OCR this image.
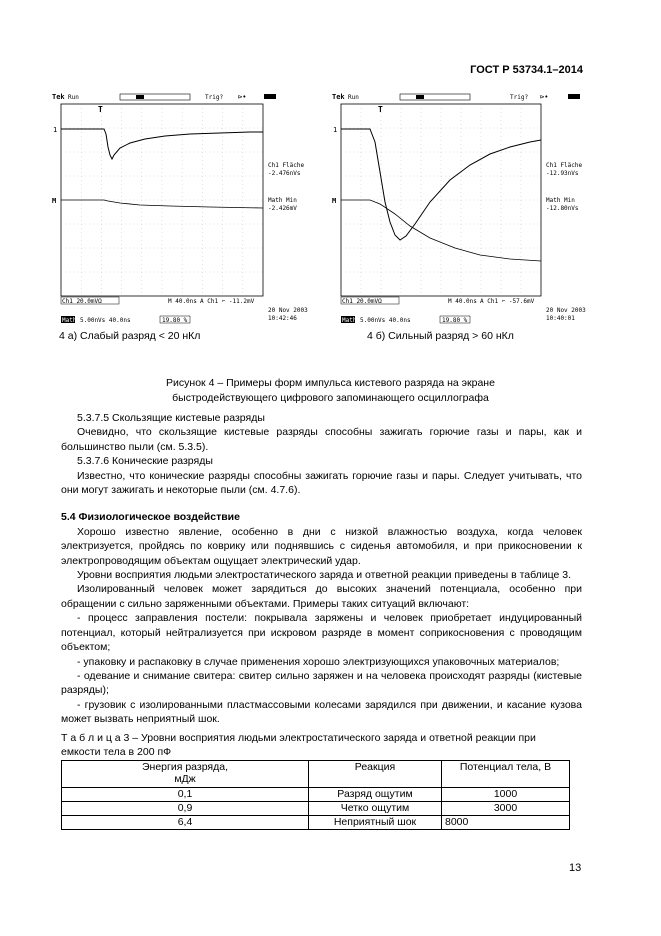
ГОСТ Р 53734.1–2014
Tek Run	Trig? ⊳•
T
1
M
Ch1 Fläche
-2.476nVs
Math Min
-2.426mV
Ch1 20.0mVΩ	M 40.0ns A Ch1 ⌐ -11.2mV
Math 5.00nVs 40.0ns	19.80 %
20 Nov 2003
10:42:46
Tek Run	Trig? ⊳•
T
1
M
Ch1 Fläche
-12.93nVs
Math Min
-12.80nVs
Ch1 20.0mVΩ	M 40.0ns A Ch1 ⌐ -57.6mV
Math 5.00nVs 40.0ns	19.80 %
20 Nov 2003
10:40:01
4 а) Слабый разряд < 20 нКл	4 б) Сильный разряд > 60 нКл
Рисунок 4 – Примеры форм импульса кистевого разряда на экране
быстродействующего цифрового запоминающего осциллографа

5.3.7.5 Скользящие кистевые разряды

Очевидно, что скользящие кистевые разряды способны зажигать горючие газы и пары, как и большинство пыли (см. 5.3.5).

5.3.7.6 Конические разряды

Известно, что конические разряды способны зажигать горючие газы и пары. Следует учитывать, что они могут зажигать и некоторые пыли (см. 4.7.6).

5.4 Физиологическое воздействие

Хорошо известно явление, особенно в дни с низкой влажностью воздуха, когда человек электризуется, пройдясь по коврику или поднявшись с сиденья автомобиля, и при прикосновении к электропроводящим объектам ощущает электрический удар.

Уровни восприятия людьми электростатического заряда и ответной реакции приведены в таблице 3.

Изолированный человек может зарядиться до высоких значений потенциала, особенно при обращении с сильно заряженными объектами. Примеры таких ситуаций включают:

- процесс заправления постели: покрывала заряжены и человек приобретает индуцированный потенциал, который нейтрализуется при искровом разряде в момент соприкосновения с проводящим объектом;

- упаковку и распаковку в случае применения хорошо электризующихся упаковочных материалов;

- одевание и снимание свитера: свитер сильно заряжен и на человека происходят разряды (кистевые разряды);

- грузовик с изолированными пластмассовыми колесами зарядился при движении, и касание кузова может вызвать неприятный шок.

Т а б л и ц а 3 – Уровни восприятия людьми электростатического заряда и ответной реакции при

емкости тела в 200 пФ

Энергия разряда,
мДж	Реакция	Потенциал тела, В
0,1	Разряд ощутим	1000
0,9	Четко ощутим	3000
6,4	Неприятный шок	8000
13
